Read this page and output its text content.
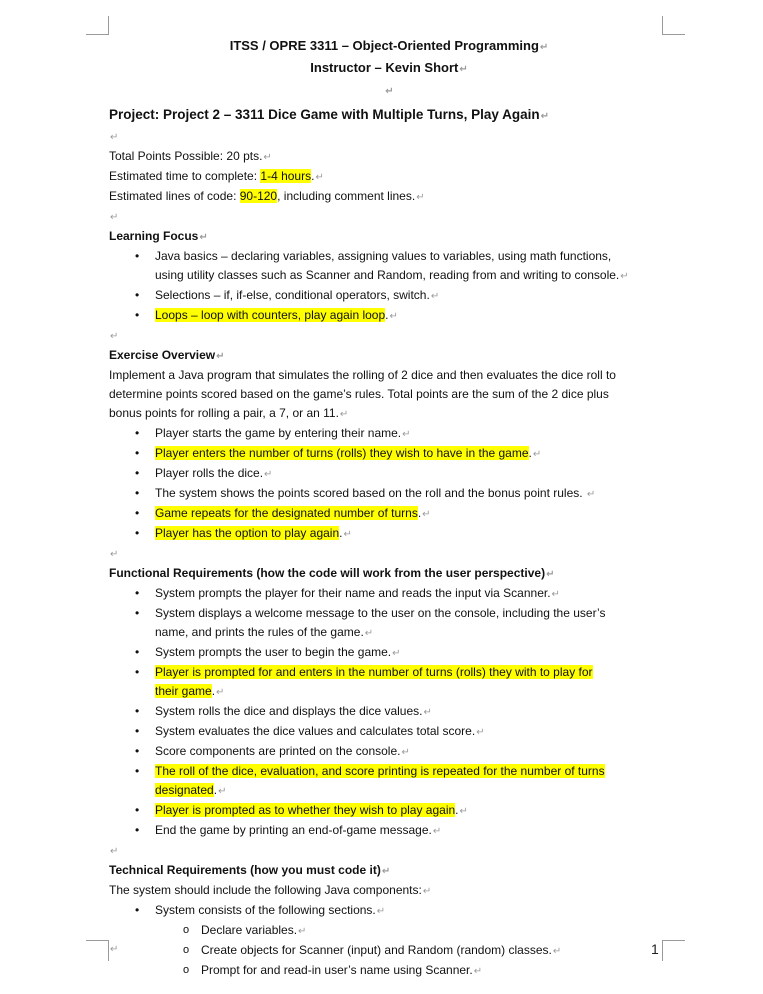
↵	1
ITSS / OPRE 3311 – Object-Oriented Programming↵
Instructor – Kevin Short↵
↵
Project: Project 2 – 3311 Dice Game with Multiple Turns, Play Again↵
↵
Total Points Possible: 20 pts.↵
Estimated time to complete: 1-4 hours.↵
Estimated lines of code: 90-120, including comment lines.↵
↵
Learning Focus↵
• Java basics – declaring variables, assigning values to variables, using math functions,
using utility classes such as Scanner and Random, reading from and writing to console.↵
• Selections – if, if-else, conditional operators, switch.↵
• Loops – loop with counters, play again loop.↵
↵
Exercise Overview↵
Implement a Java program that simulates the rolling of 2 dice and then evaluates the dice roll to
determine points scored based on the game’s rules. Total points are the sum of the 2 dice plus
bonus points for rolling a pair, a 7, or an 11.↵
• Player starts the game by entering their name.↵
• Player enters the number of turns (rolls) they wish to have in the game.↵
• Player rolls the dice.↵
• The system shows the points scored based on the roll and the bonus point rules. ↵
• Game repeats for the designated number of turns.↵
• Player has the option to play again.↵
↵
Functional Requirements (how the code will work from the user perspective)↵
• System prompts the player for their name and reads the input via Scanner.↵
• System displays a welcome message to the user on the console, including the user’s
name, and prints the rules of the game.↵
• System prompts the user to begin the game.↵
• Player is prompted for and enters in the number of turns (rolls) they with to play for
their game.↵
• System rolls the dice and displays the dice values.↵
• System evaluates the dice values and calculates total score.↵
• Score components are printed on the console.↵
• The roll of the dice, evaluation, and score printing is repeated for the number of turns
designated.↵
• Player is prompted as to whether they wish to play again.↵
• End the game by printing an end-of-game message.↵
↵
Technical Requirements (how you must code it)↵
The system should include the following Java components:↵
• System consists of the following sections.↵
o Declare variables.↵
o Create objects for Scanner (input) and Random (random) classes.↵
o Prompt for and read-in user’s name using Scanner.↵
